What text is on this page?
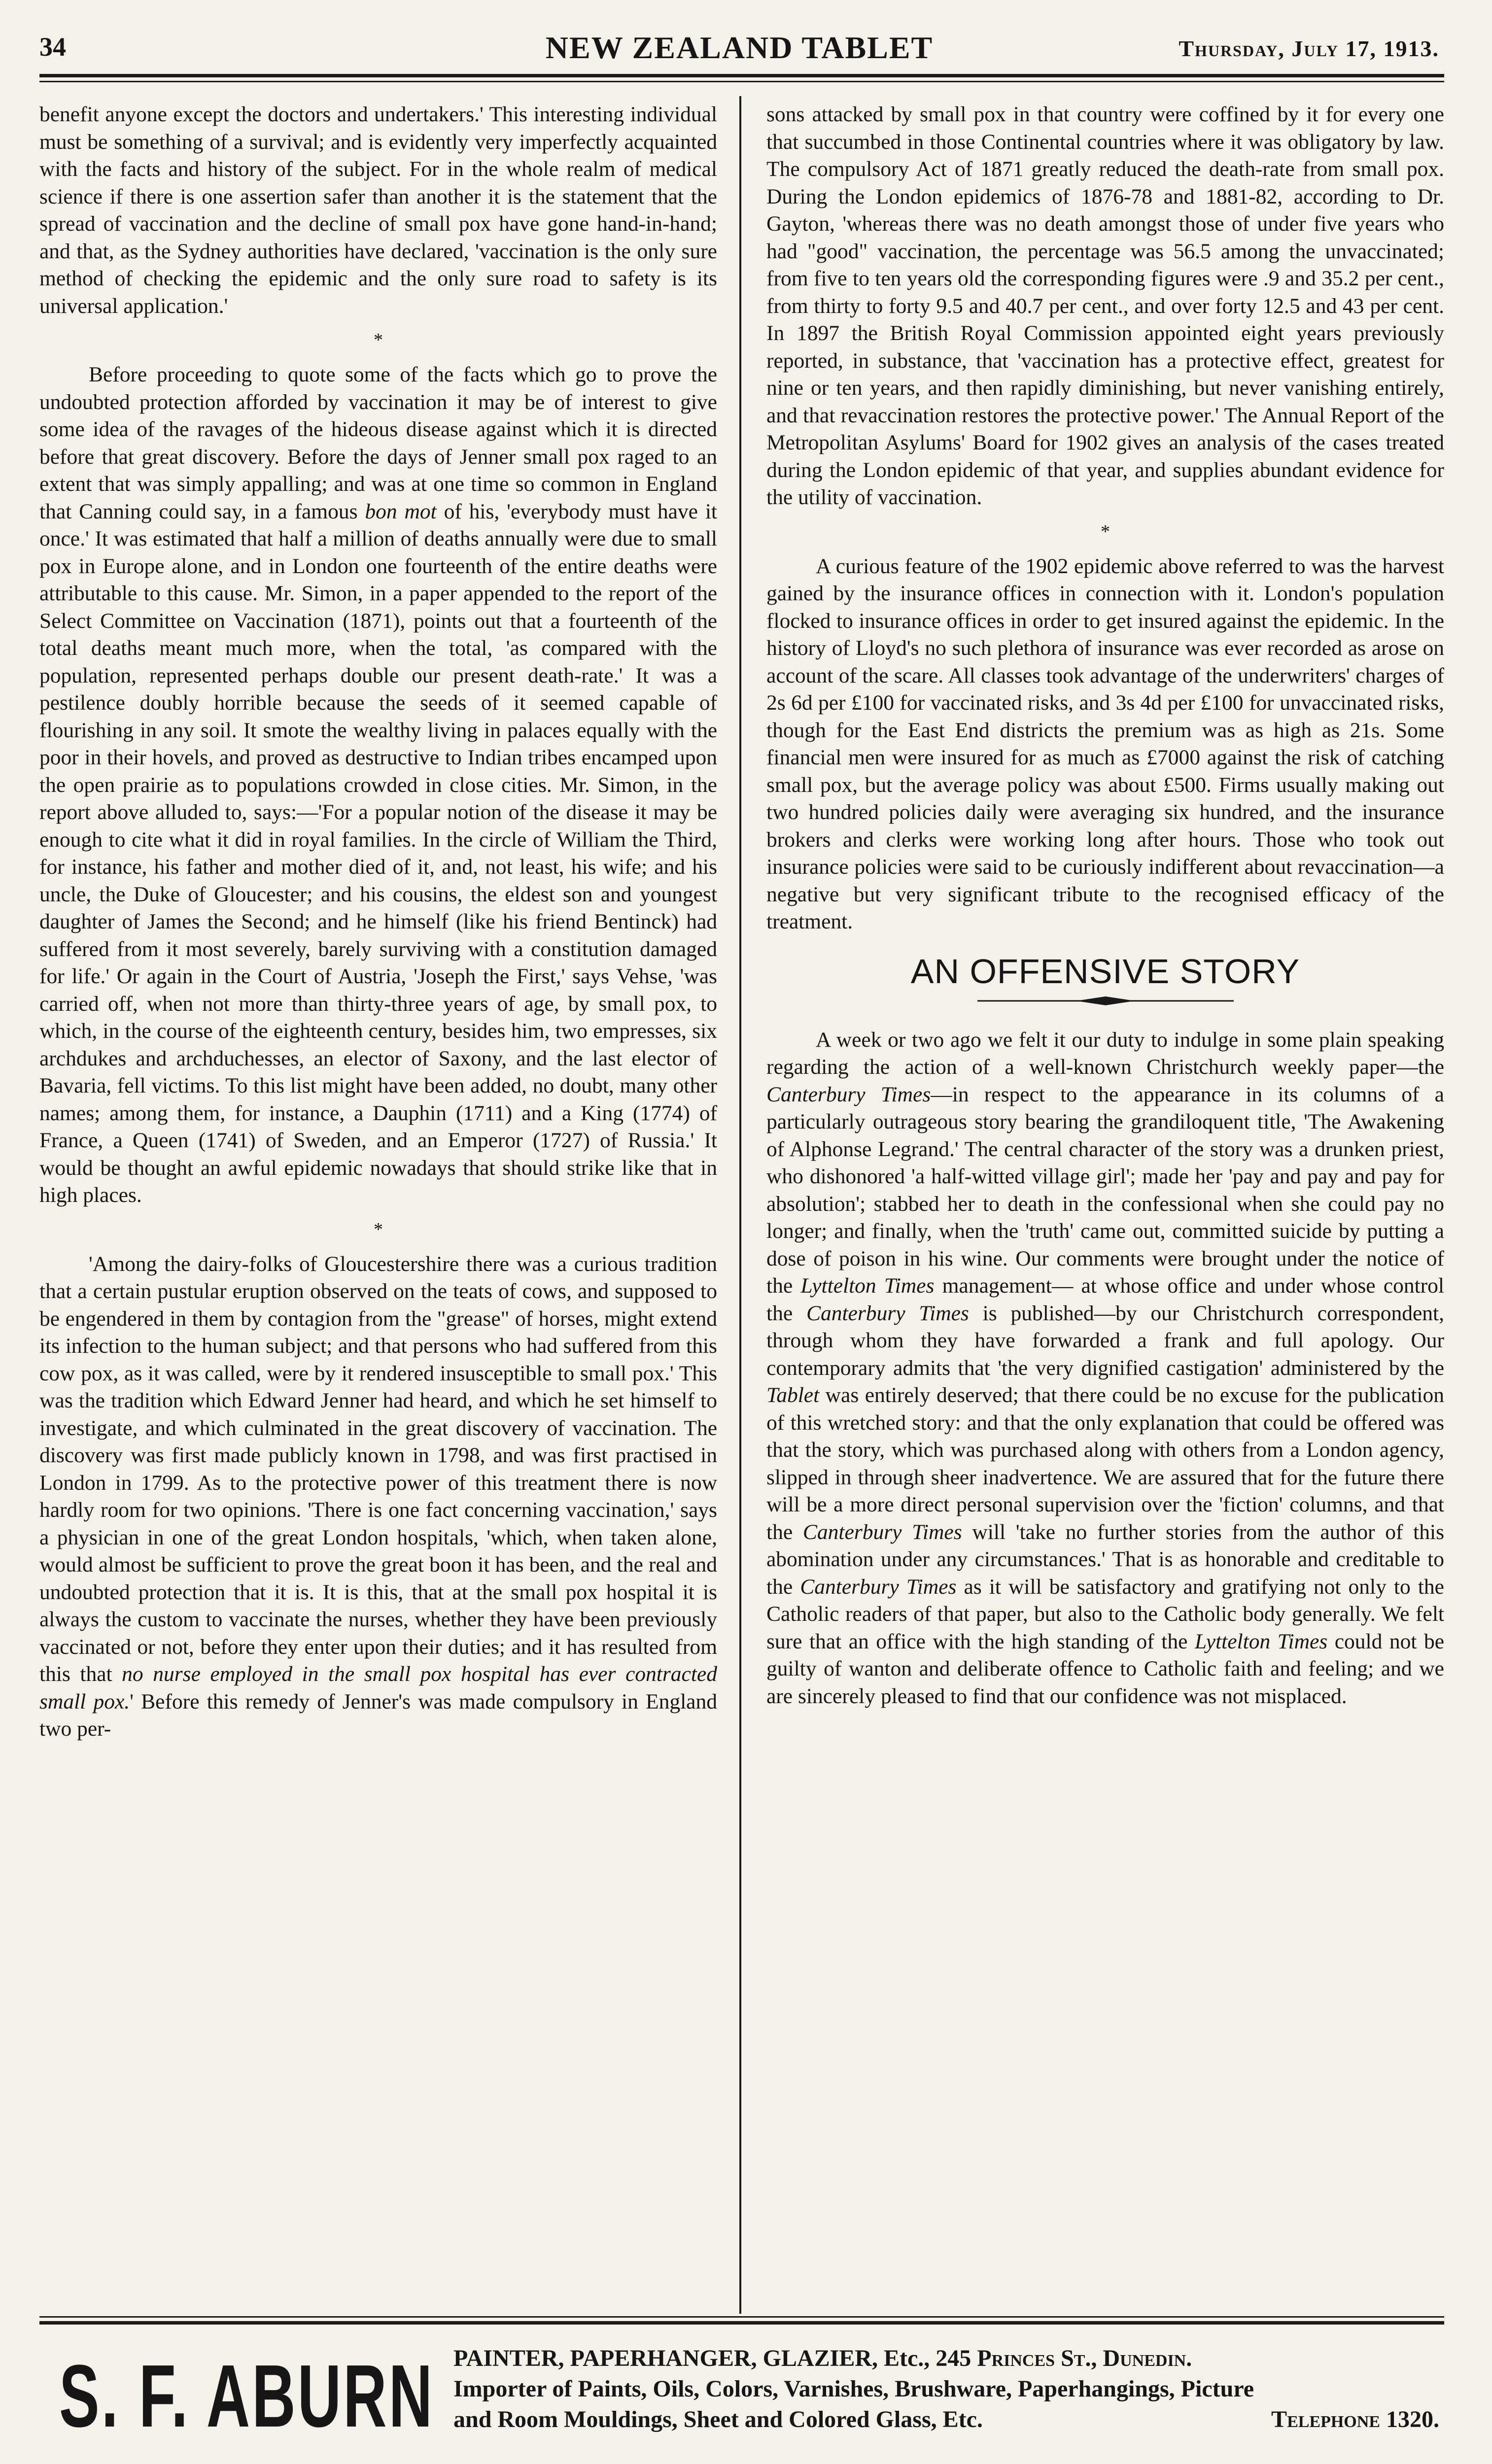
34	NEW ZEALAND TABLET	Thursday, July 17, 1913.

benefit anyone except the doctors and undertakers.' This interesting individual must be something of a survival; and is evidently very imperfectly acquainted with the facts and history of the subject. For in the whole realm of medical science if there is one assertion safer than another it is the statement that the spread of vaccination and the decline of small pox have gone hand-in-hand; and that, as the Sydney authorities have declared, 'vaccination is the only sure method of checking the epidemic and the only sure road to safety is its universal application.'

*

Before proceeding to quote some of the facts which go to prove the undoubted protection afforded by vaccination it may be of interest to give some idea of the ravages of the hideous disease against which it is directed before that great discovery. Before the days of Jenner small pox raged to an extent that was simply appalling; and was at one time so common in England that Canning could say, in a famous bon mot of his, 'everybody must have it once.' It was estimated that half a million of deaths annually were due to small pox in Europe alone, and in London one fourteenth of the entire deaths were attributable to this cause. Mr. Simon, in a paper appended to the report of the Select Committee on Vaccination (1871), points out that a fourteenth of the total deaths meant much more, when the total, 'as compared with the population, represented perhaps double our present death-rate.' It was a pestilence doubly horrible because the seeds of it seemed capable of flourishing in any soil. It smote the wealthy living in palaces equally with the poor in their hovels, and proved as destructive to Indian tribes encamped upon the open prairie as to populations crowded in close cities. Mr. Simon, in the report above alluded to, says:—'For a popular notion of the disease it may be enough to cite what it did in royal families. In the circle of William the Third, for instance, his father and mother died of it, and, not least, his wife; and his uncle, the Duke of Gloucester; and his cousins, the eldest son and youngest daughter of James the Second; and he himself (like his friend Bentinck) had suffered from it most severely, barely surviving with a constitution damaged for life.' Or again in the Court of Austria, 'Joseph the First,' says Vehse, 'was carried off, when not more than thirty-three years of age, by small pox, to which, in the course of the eighteenth century, besides him, two empresses, six archdukes and archduchesses, an elector of Saxony, and the last elector of Bavaria, fell victims. To this list might have been added, no doubt, many other names; among them, for instance, a Dauphin (1711) and a King (1774) of France, a Queen (1741) of Sweden, and an Emperor (1727) of Russia.' It would be thought an awful epidemic nowadays that should strike like that in high places.

*

'Among the dairy-folks of Gloucestershire there was a curious tradition that a certain pustular eruption observed on the teats of cows, and supposed to be engendered in them by contagion from the "grease" of horses, might extend its infection to the human subject; and that persons who had suffered from this cow pox, as it was called, were by it rendered insusceptible to small pox.' This was the tradition which Edward Jenner had heard, and which he set himself to investigate, and which culminated in the great discovery of vaccination. The discovery was first made publicly known in 1798, and was first practised in London in 1799. As to the protective power of this treatment there is now hardly room for two opinions. 'There is one fact concerning vaccination,' says a physician in one of the great London hospitals, 'which, when taken alone, would almost be sufficient to prove the great boon it has been, and the real and undoubted protection that it is. It is this, that at the small pox hospital it is always the custom to vaccinate the nurses, whether they have been previously vaccinated or not, before they enter upon their duties; and it has resulted from this that no nurse employed in the small pox hospital has ever contracted small pox.' Before this remedy of Jenner's was made compulsory in England two per-

sons attacked by small pox in that country were coffined by it for every one that succumbed in those Continental countries where it was obligatory by law. The compulsory Act of 1871 greatly reduced the death-rate from small pox. During the London epidemics of 1876-78 and 1881-82, according to Dr. Gayton, 'whereas there was no death amongst those of under five years who had "good" vaccination, the percentage was 56.5 among the unvaccinated; from five to ten years old the corresponding figures were .9 and 35.2 per cent., from thirty to forty 9.5 and 40.7 per cent., and over forty 12.5 and 43 per cent. In 1897 the British Royal Commission appointed eight years previously reported, in substance, that 'vaccination has a protective effect, greatest for nine or ten years, and then rapidly diminishing, but never vanishing entirely, and that revaccination restores the protective power.' The Annual Report of the Metropolitan Asylums' Board for 1902 gives an analysis of the cases treated during the London epidemic of that year, and supplies abundant evidence for the utility of vaccination.

*

A curious feature of the 1902 epidemic above referred to was the harvest gained by the insurance offices in connection with it. London's population flocked to insurance offices in order to get insured against the epidemic. In the history of Lloyd's no such plethora of insurance was ever recorded as arose on account of the scare. All classes took advantage of the underwriters' charges of 2s 6d per £100 for vaccinated risks, and 3s 4d per £100 for unvaccinated risks, though for the East End districts the premium was as high as 21s. Some financial men were insured for as much as £7000 against the risk of catching small pox, but the average policy was about £500. Firms usually making out two hundred policies daily were averaging six hundred, and the insurance brokers and clerks were working long after hours. Those who took out insurance policies were said to be curiously indifferent about revaccination—a negative but very significant tribute to the recognised efficacy of the treatment.

AN OFFENSIVE STORY

A week or two ago we felt it our duty to indulge in some plain speaking regarding the action of a well-known Christchurch weekly paper—the Canterbury Times—in respect to the appearance in its columns of a particularly outrageous story bearing the grandiloquent title, 'The Awakening of Alphonse Legrand.' The central character of the story was a drunken priest, who dishonored 'a half-witted village girl'; made her 'pay and pay and pay for absolution'; stabbed her to death in the confessional when she could pay no longer; and finally, when the 'truth' came out, committed suicide by putting a dose of poison in his wine. Our comments were brought under the notice of the Lyttelton Times management— at whose office and under whose control the Canterbury Times is published—by our Christchurch correspondent, through whom they have forwarded a frank and full apology. Our contemporary admits that 'the very dignified castigation' administered by the Tablet was entirely deserved; that there could be no excuse for the publication of this wretched story: and that the only explanation that could be offered was that the story, which was purchased along with others from a London agency, slipped in through sheer inadvertence. We are assured that for the future there will be a more direct personal supervision over the 'fiction' columns, and that the Canterbury Times will 'take no further stories from the author of this abomination under any circumstances.' That is as honorable and creditable to the Canterbury Times as it will be satisfactory and gratifying not only to the Catholic readers of that paper, but also to the Catholic body generally. We felt sure that an office with the high standing of the Lyttelton Times could not be guilty of wanton and deliberate offence to Catholic faith and feeling; and we are sincerely pleased to find that our confidence was not misplaced.

S. F. ABURN PAINTER, PAPERHANGER, GLAZIER, Etc., 245 Princes St., Dunedin.
Importer of Paints, Oils, Colors, Varnishes, Brushware, Paperhangings, Picture
and Room Mouldings, Sheet and Colored Glass, Etc.	Telephone 1320.
